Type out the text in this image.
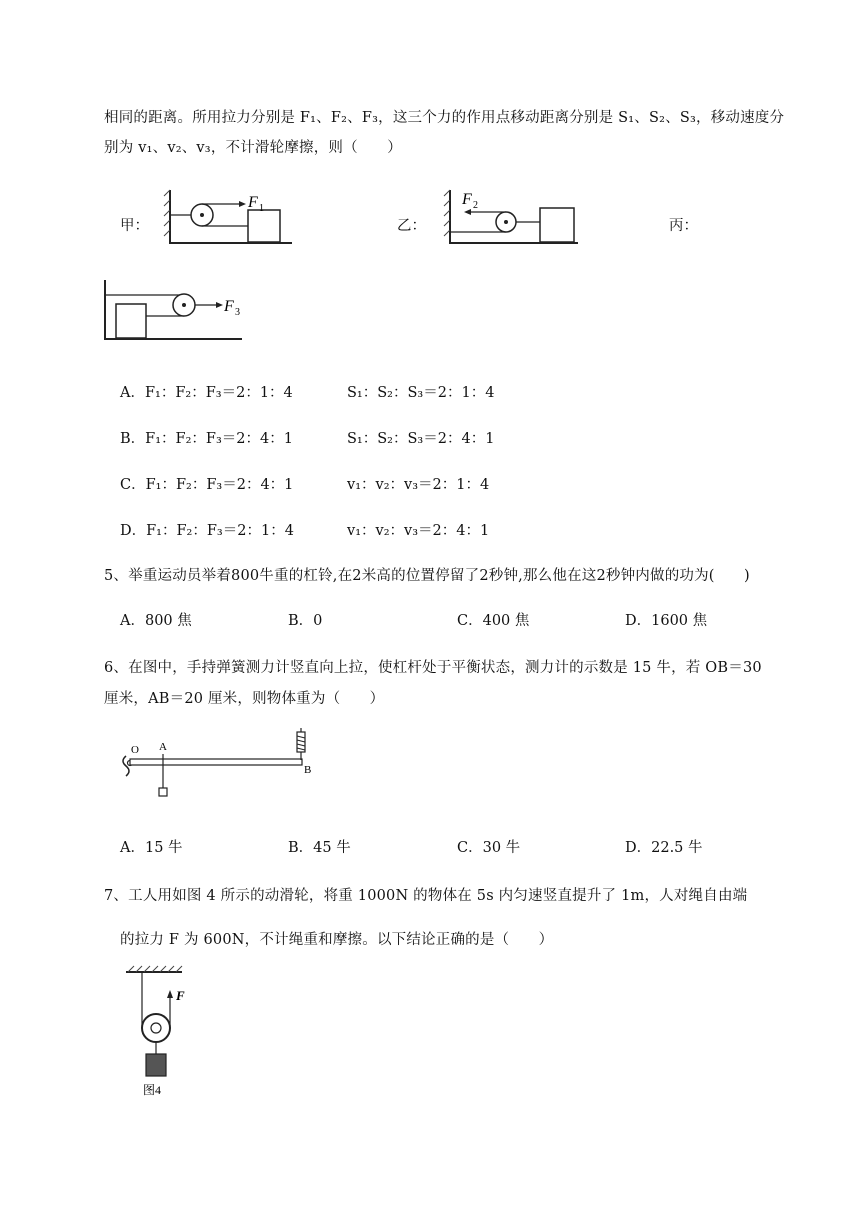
相同的距离。所用拉力分别是 F₁、F₂、F₃，这三个力的作用点移动距离分别是 S₁、S₂、S₃，移动速度分
别为 v₁、v₂、v₃，不计滑轮摩擦，则（　　）
甲：	乙：	丙：
F 1
F 2
F 3
A．F₁：F₂：F₃＝2：1：4	S₁：S₂：S₃＝2：1：4
B．F₁：F₂：F₃＝2：4：1	S₁：S₂：S₃＝2：4：1
C．F₁：F₂：F₃＝2：4：1	v₁：v₂：v₃＝2：1：4
D．F₁：F₂：F₃＝2：1：4	v₁：v₂：v₃＝2：4：1
5、举重运动员举着800牛重的杠铃,在2米高的位置停留了2秒钟,那么他在这2秒钟内做的功为(　　)
A．800 焦	B．0	C．400 焦	D．1600 焦
6、在图中，手持弹簧测力计竖直向上拉，使杠杆处于平衡状态，测力计的示数是 15 牛，若 OB＝30
厘米，AB＝20 厘米，则物体重为（　　）
O A
B
A．15 牛	B．45 牛	C．30 牛	D．22.5 牛
7、工人用如图 4 所示的动滑轮，将重 1000N 的物体在 5s 内匀速竖直提升了 1m，人对绳自由端
的拉力 F 为 600N，不计绳重和摩擦。以下结论正确的是（　　）
F
图4
